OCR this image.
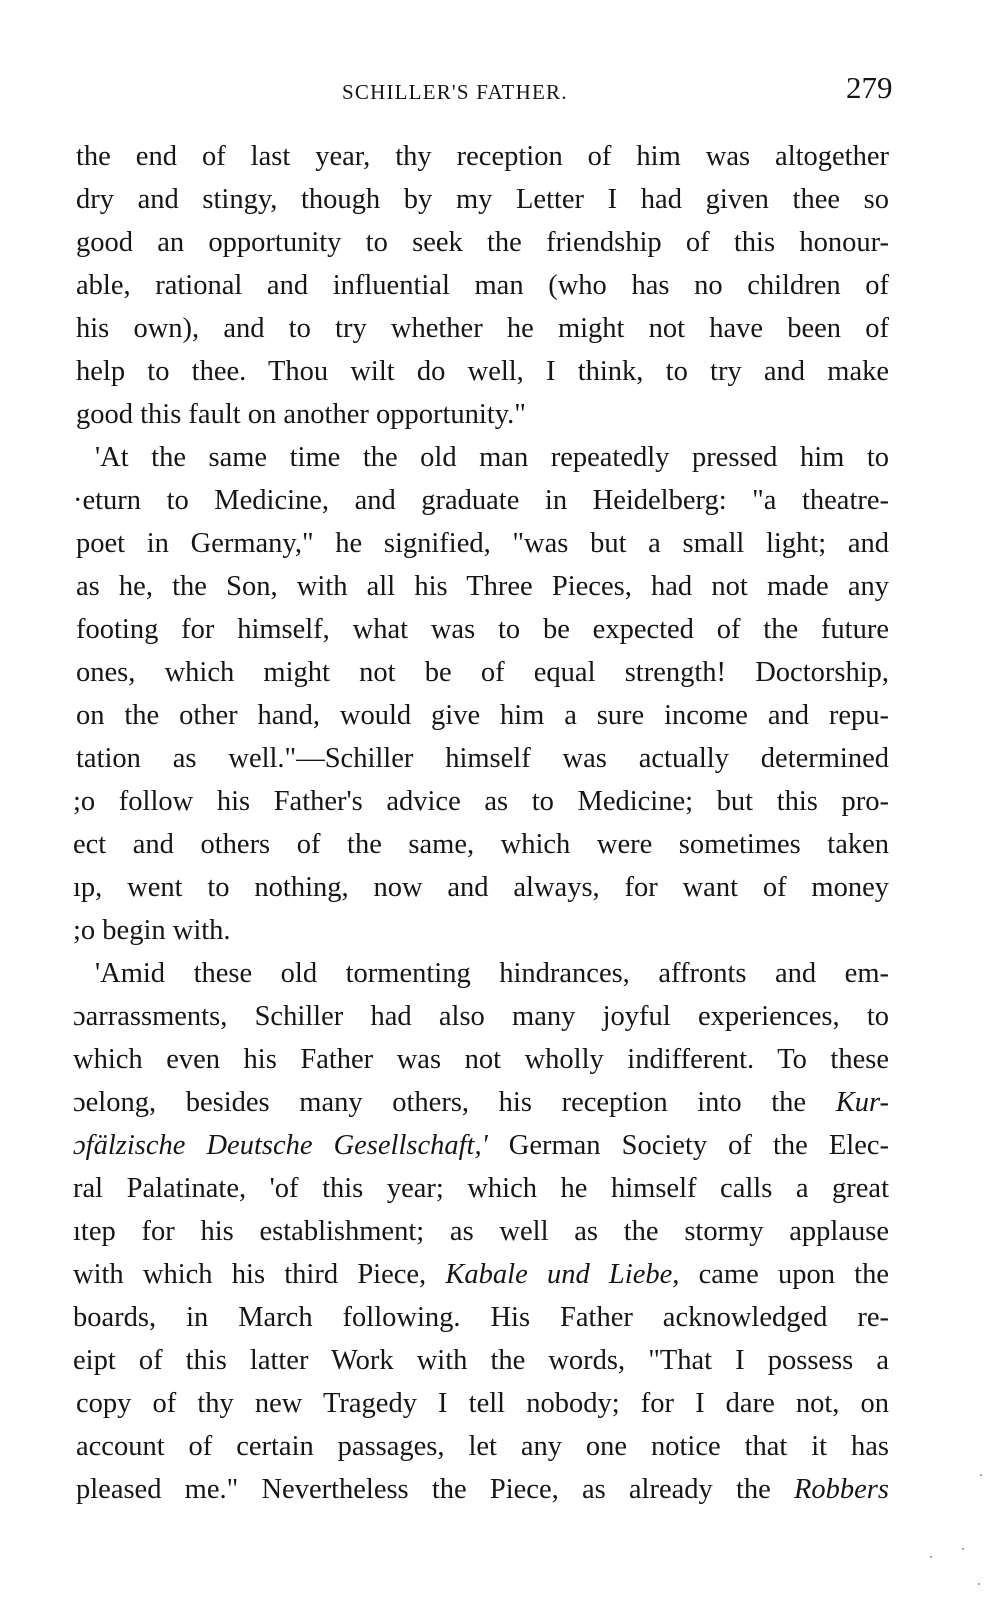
SCHILLER'S FATHER.	279
the end of last year, thy reception of him was altogether
dry and stingy, though by my Letter I had given thee so
good an opportunity to seek the friendship of this honour-
able, rational and influential man (who has no children of
his own), and to try whether he might not have been of
help to thee. Thou wilt do well, I think, to try and make
good this fault on another opportunity."
'At the same time the old man repeatedly pressed him to
·eturn to Medicine, and graduate in Heidelberg: "a theatre-
poet in Germany," he signified, "was but a small light; and
as he, the Son, with all his Three Pieces, had not made any
footing for himself, what was to be expected of the future
ones, which might not be of equal strength! Doctorship,
on the other hand, would give him a sure income and repu-
tation as well."—Schiller himself was actually determined
;o follow his Father's advice as to Medicine; but this pro-
ect and others of the same, which were sometimes taken
ıp, went to nothing, now and always, for want of money
;o begin with.
'Amid these old tormenting hindrances, affronts and em-
ɔarrassments, Schiller had also many joyful experiences, to
which even his Father was not wholly indifferent. To these
ɔelong, besides many others, his reception into the Kur-
ɔfälzische Deutsche Gesellschaft,' German Society of the Elec-
ral Palatinate, 'of this year; which he himself calls a great
ıtep for his establishment; as well as the stormy applause
with which his third Piece, Kabale und Liebe, came upon the
boards, in March following. His Father acknowledged re-
eipt of this latter Work with the words, "That I possess a
copy of thy new Tragedy I tell nobody; for I dare not, on
account of certain passages, let any one notice that it has
pleased me." Nevertheless the Piece, as already the Robbers
